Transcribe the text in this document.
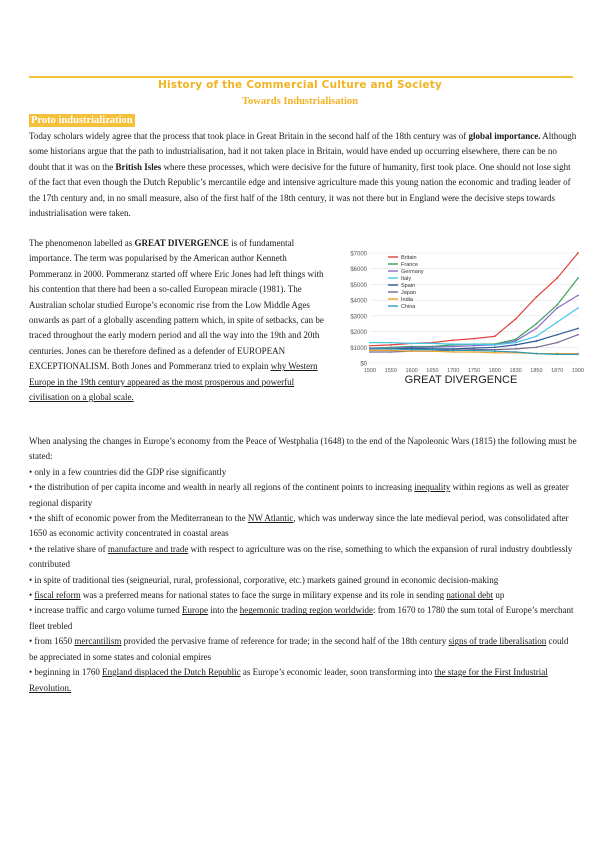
History of the Commercial Culture and Society
Towards Industrialisation
Proto industrialization
Today scholars widely agree that the process that took place in Great Britain in the second half of the 18th century was of global importance. Although some historians argue that the path to industrialisation, had it not taken place in Britain, would have ended up occurring elsewhere, there can be no doubt that it was on the British Isles where these processes, which were decisive for the future of humanity, first took place. One should not lose sight of the fact that even though the Dutch Republic’s mercantile edge and intensive agriculture made this young nation the economic and trading leader of the 17th century and, in no small measure, also of the first half of the 18th century, it was not there but in England were the decisive steps towards industrialisation were taken.
The phenomenon labelled as GREAT DIVERGENCE is of fundamental importance. The term was popularised by the American author Kenneth Pommeranz in 2000. Pommeranz started off where Eric Jones had left things with his contention that there had been a so-called European miracle (1981). The Australian scholar studied Europe’s economic rise from the Low Middle Ages onwards as part of a globally ascending pattern which, in spite of setbacks, can be traced throughout the early modern period and all the way into the 19th and 20th centuries. Jones can be therefore defined as a defender of EUROPEAN EXCEPTIONALISM. Both Jones and Pommeranz tried to explain why Western Europe in the 19th century appeared as the most prosperous and powerful civilisation on a global scale.
$0
$1000
$2000
$3000
$4000
$5000
$6000
$7000
1500 1550 1600 1650 1700 1750 1800 1830 1850 1870 1900
Britain
France
Germany
Italy
Spain
Japan
India
China
GREAT DIVERGENCE
When analysing the changes in Europe’s economy from the Peace of Westphalia (1648) to the end of the Napoleonic Wars (1815) the following must be stated:
• only in a few countries did the GDP rise significantly
• the distribution of per capita income and wealth in nearly all regions of the continent points to increasing inequality within regions as well as greater regional disparity
• the shift of economic power from the Mediterranean to the NW Atlantic, which was underway since the late medieval period, was consolidated after 1650 as economic activity concentrated in coastal areas
• the relative share of manufacture and trade with respect to agriculture was on the rise, something to which the expansion of rural industry doubtlessly contributed
• in spite of traditional ties (seigneurial, rural, professional, corporative, etc.) markets gained ground in economic decision-making
• fiscal reform was a preferred means for national states to face the surge in military expense and its role in sending national debt up
• increase traffic and cargo volume turned Europe into the hegemonic trading region worldwide: from 1670 to 1780 the sum total of Europe’s merchant fleet trebled
• from 1650 mercantilism provided the pervasive frame of reference for trade; in the second half of the 18th century signs of trade liberalisation could be appreciated in some states and colonial empires
• beginning in 1760 England displaced the Dutch Republic as Europe’s economic leader, soon transforming into the stage for the First Industrial Revolution.
